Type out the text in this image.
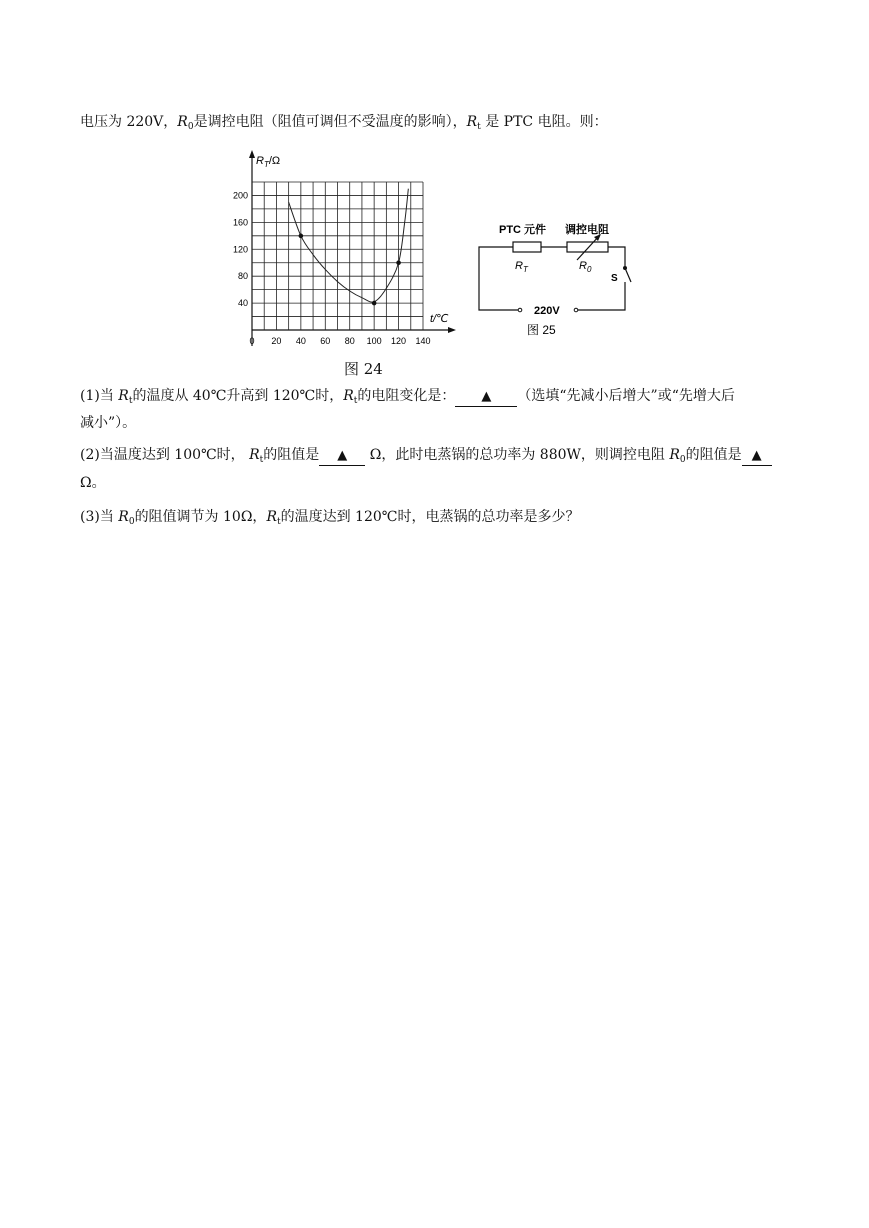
电压为 220V，$R_0$是调控电阻（阻值可调但不受温度的影响），$R_t$ 是 PTC 电阻。则：
200
160
120
80
40
0 20 40 60 80 100 120 140
$R_T/\Omega$
t/℃
图 24
PTC 元件 调控电阻
$R_T$	$R_0$
S
220V
图 25
(1)当 $R_t$的温度从 40℃升高到 120℃时，$R_t$的电阻变化是： ▲ （选填“先减小后增大”或“先增大后
减小”）。
(2)当温度达到 100℃时， $R_t$的阻值是 ▲ Ω，此时电蒸锅的总功率为 880W，则调控电阻 $R_0$的阻值是 ▲
Ω。
(3)当 $R_0$的阻值调节为 10Ω，$R_t$的温度达到 120℃时，电蒸锅的总功率是多少？
